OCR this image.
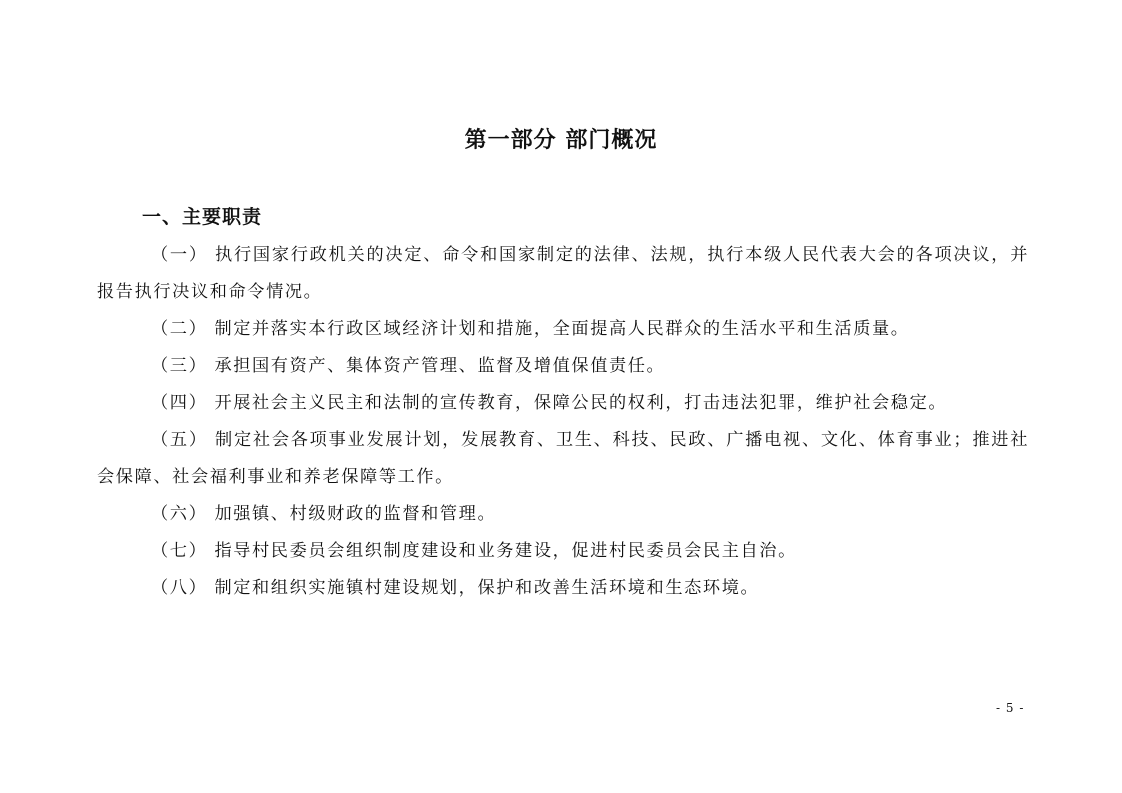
第一部分 部门概况
一、主要职责

（一） 执行国家行政机关的决定、命令和国家制定的法律、法规，执行本级人民代表大会的各项决议，并报告执行决议和命令情况。

（二） 制定并落实本行政区域经济计划和措施，全面提高人民群众的生活水平和生活质量。

（三） 承担国有资产、集体资产管理、监督及增值保值责任。

（四） 开展社会主义民主和法制的宣传教育，保障公民的权利，打击违法犯罪，维护社会稳定。

（五） 制定社会各项事业发展计划，发展教育、卫生、科技、民政、广播电视、文化、体育事业；推进社会保障、社会福利事业和养老保障等工作。

（六） 加强镇、村级财政的监督和管理。

（七） 指导村民委员会组织制度建设和业务建设，促进村民委员会民主自治。

（八） 制定和组织实施镇村建设规划，保护和改善生活环境和生态环境。

- 5 -
